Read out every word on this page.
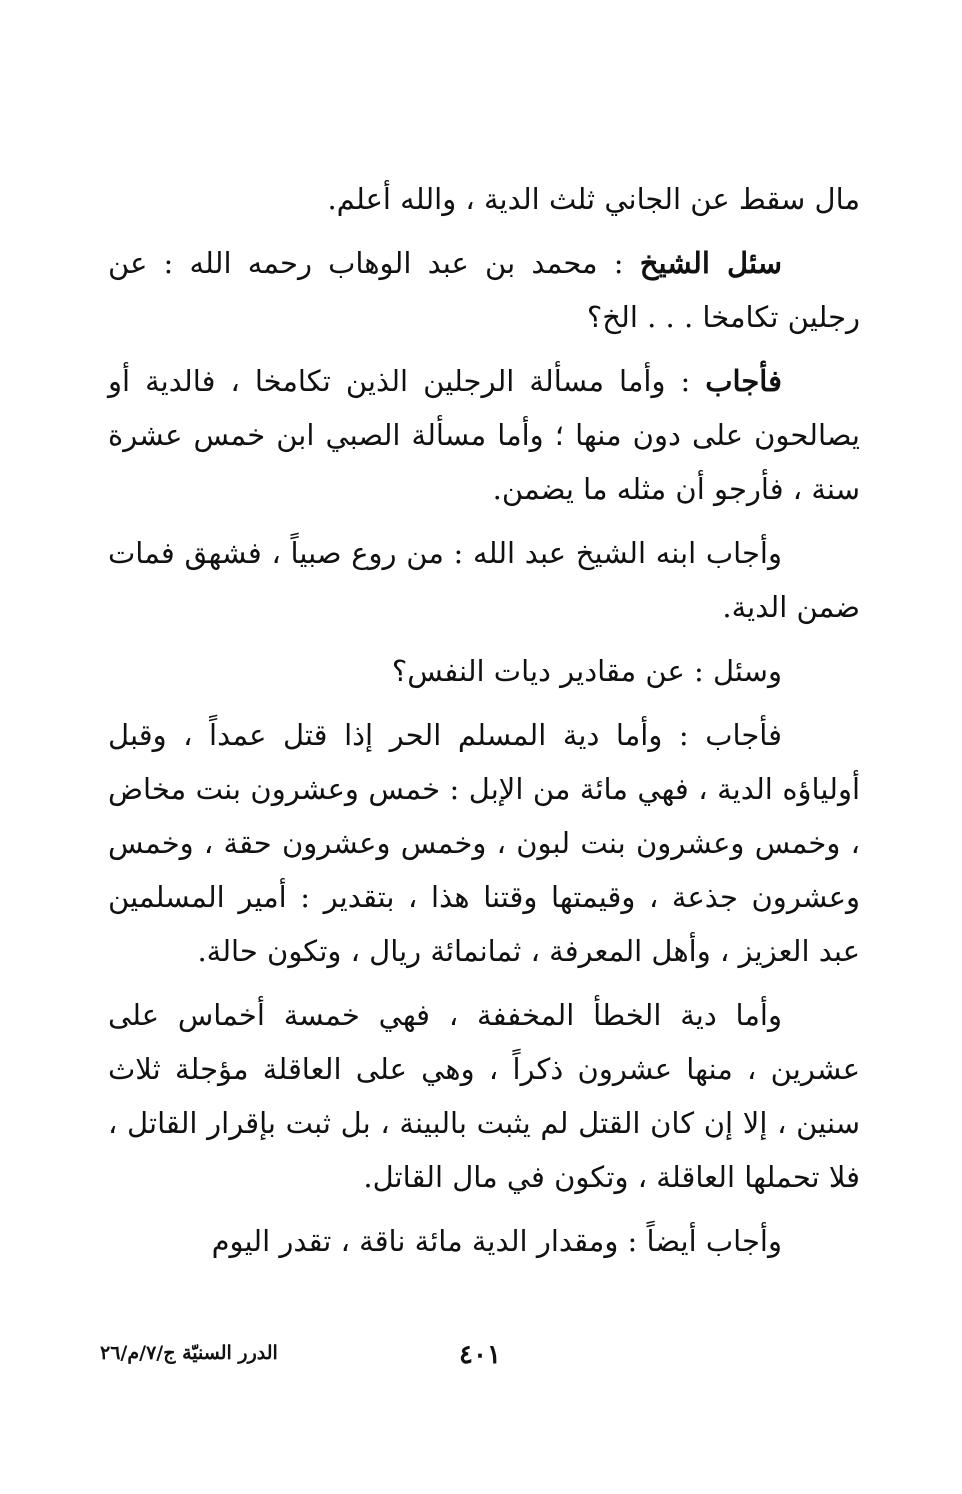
مال سقط عن الجاني ثلث الدية ، والله أعلم.

سئل الشيخ : محمد بن عبد الوهاب رحمه الله : عن رجلين تكامخا . . . الخ؟

فأجاب : وأما مسألة الرجلين الذين تكامخا ، فالدية أو يصالحون على دون منها ؛ وأما مسألة الصبي ابن خمس عشرة سنة ، فأرجو أن مثله ما يضمن.

وأجاب ابنه الشيخ عبد الله : من روع صبياً ، فشهق فمات ضمن الدية.

وسئل : عن مقادير ديات النفس؟

فأجاب : وأما دية المسلم الحر إذا قتل عمداً ، وقبل أولياؤه الدية ، فهي مائة من الإبل : خمس وعشرون بنت مخاض ، وخمس وعشرون بنت لبون ، وخمس وعشرون حقة ، وخمس وعشرون جذعة ، وقيمتها وقتنا هذا ، بتقدير : أمير المسلمين عبد العزيز ، وأهل المعرفة ، ثمانمائة ريال ، وتكون حالة.

وأما دية الخطأ المخففة ، فهي خمسة أخماس على عشرين ، منها عشرون ذكراً ، وهي على العاقلة مؤجلة ثلاث سنين ، إلا إن كان القتل لم يثبت بالبينة ، بل ثبت بإقرار القاتل ، فلا تحملها العاقلة ، وتكون في مال القاتل.

وأجاب أيضاً : ومقدار الدية مائة ناقة ، تقدر اليوم

٤٠١
الدرر السنيّة ج/٧/م/٢٦
